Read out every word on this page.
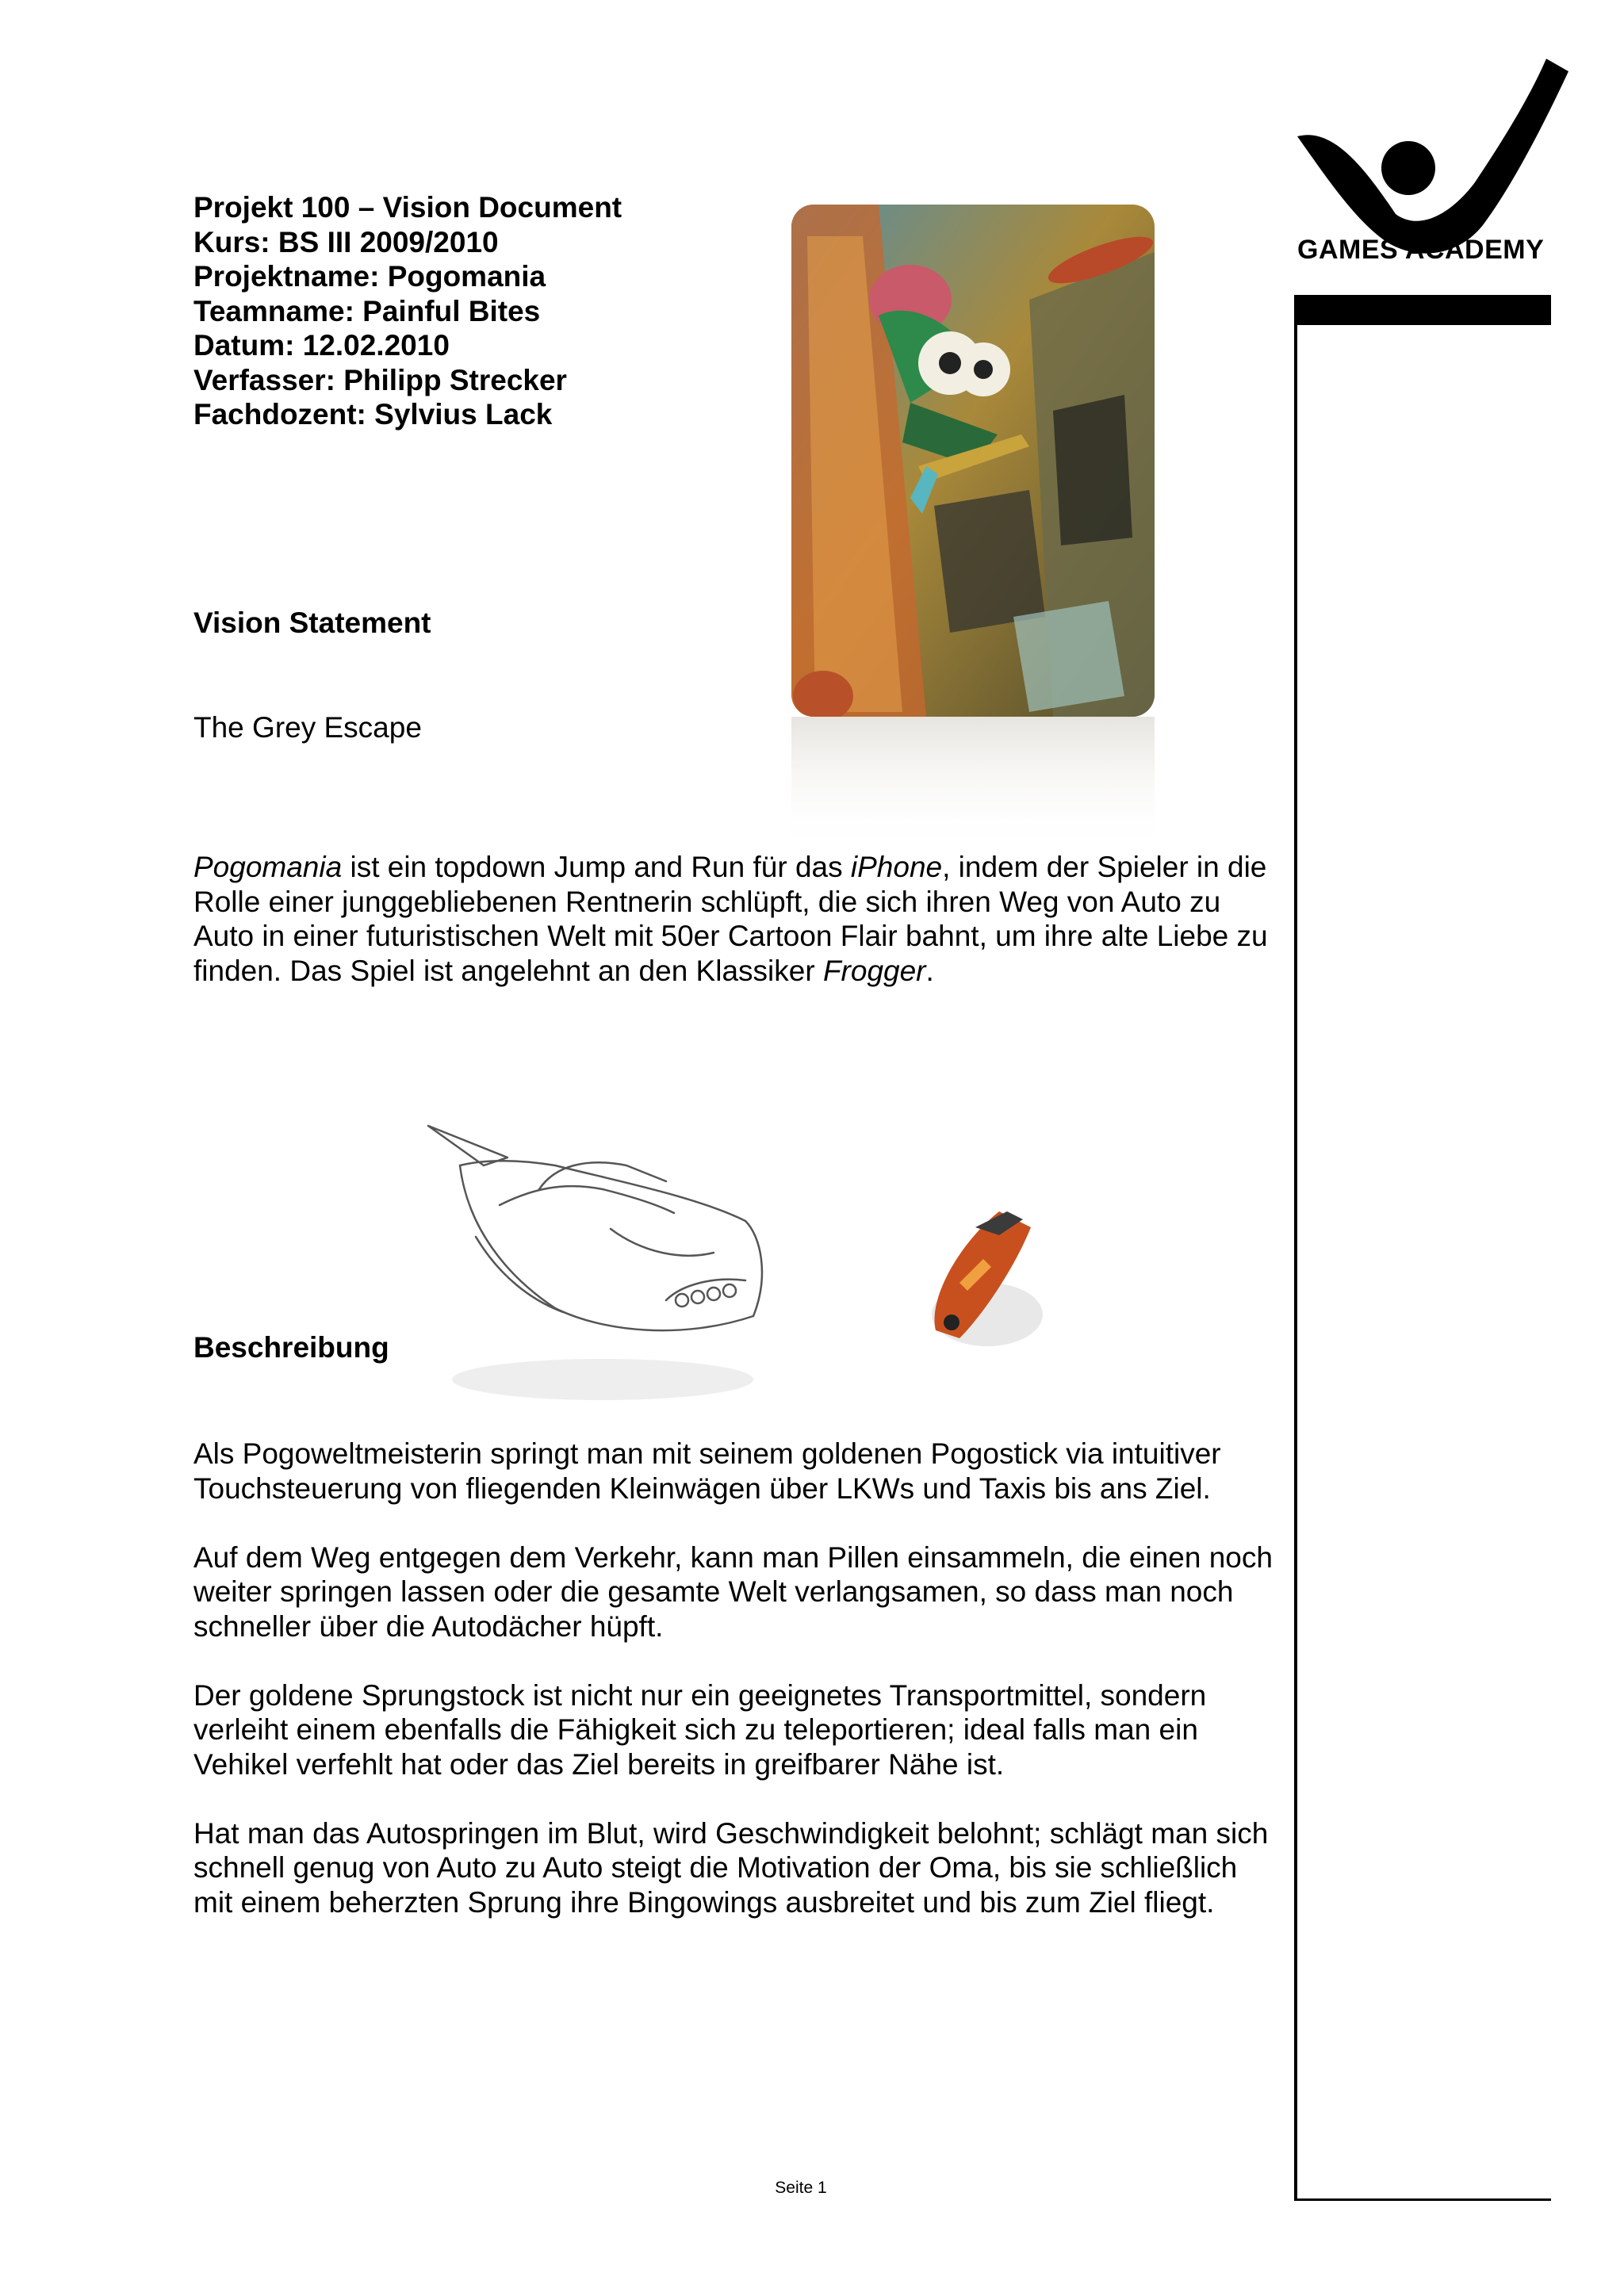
GAMES ACADEMY
Projekt 100 – Vision Document
Kurs: BS III 2009/2010
Projektname: Pogomania
Teamname: Painful Bites
Datum: 12.02.2010
Verfasser: Philipp Strecker
Fachdozent: Sylvius Lack
Vision Statement
The Grey Escape
Pogomania ist ein topdown Jump and Run für das iPhone, indem der Spieler in die Rolle einer junggebliebenen Rentnerin schlüpft, die sich ihren Weg von Auto zu Auto in einer futuristischen Welt mit 50er Cartoon Flair bahnt, um ihre alte Liebe zu finden. Das Spiel ist angelehnt an den Klassiker Frogger.
Beschreibung

Als Pogoweltmeisterin springt man mit seinem goldenen Pogostick via intuitiver Touchsteuerung von fliegenden Kleinwägen über LKWs und Taxis bis ans Ziel.

Auf dem Weg entgegen dem Verkehr, kann man Pillen einsammeln, die einen noch weiter springen lassen oder die gesamte Welt verlangsamen, so dass man noch schneller über die Autodächer hüpft.

Der goldene Sprungstock ist nicht nur ein geeignetes Transportmittel, sondern verleiht einem ebenfalls die Fähigkeit sich zu teleportieren; ideal falls man ein Vehikel verfehlt hat oder das Ziel bereits in greifbarer Nähe ist.

Hat man das Autospringen im Blut, wird Geschwindigkeit belohnt; schlägt man sich schnell genug von Auto zu Auto steigt die Motivation der Oma, bis sie schließlich mit einem beherzten Sprung ihre Bingowings ausbreitet und bis zum Ziel fliegt.

Seite 1
